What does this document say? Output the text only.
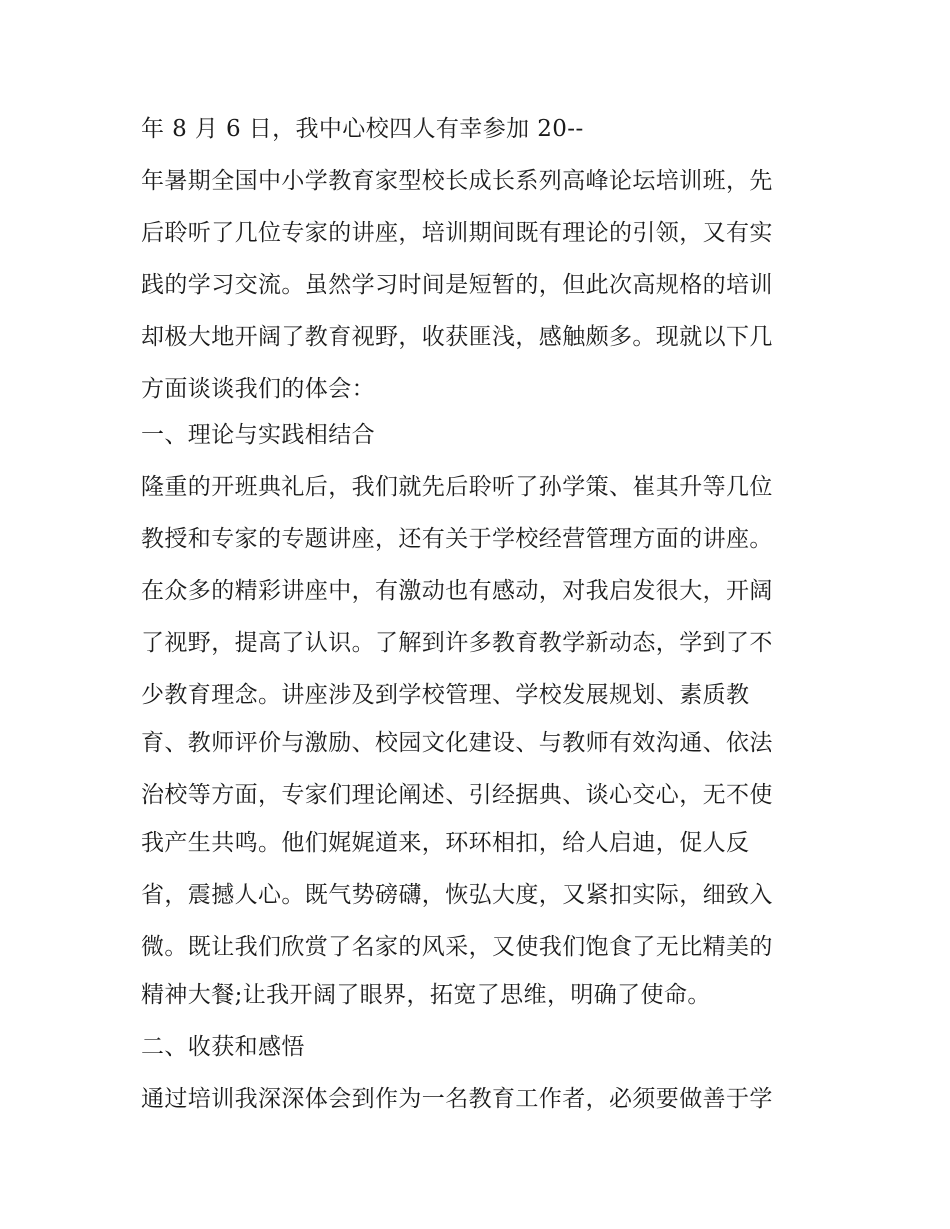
年 8 月 6 日，我中心校四人有幸参加 20--
年暑期全国中小学教育家型校长成长系列高峰论坛培训班，先
后聆听了几位专家的讲座，培训期间既有理论的引领，又有实
践的学习交流。虽然学习时间是短暂的，但此次高规格的培训
却极大地开阔了教育视野，收获匪浅，感触颇多。现就以下几
方面谈谈我们的体会：
一、理论与实践相结合
隆重的开班典礼后，我们就先后聆听了孙学策、崔其升等几位
教授和专家的专题讲座，还有关于学校经营管理方面的讲座。
在众多的精彩讲座中，有激动也有感动，对我启发很大，开阔
了视野，提高了认识。了解到许多教育教学新动态，学到了不
少教育理念。讲座涉及到学校管理、学校发展规划、素质教
育、教师评价与激励、校园文化建设、与教师有效沟通、依法
治校等方面，专家们理论阐述、引经据典、谈心交心，无不使
我产生共鸣。他们娓娓道来，环环相扣，给人启迪，促人反
省，震撼人心。既气势磅礴，恢弘大度，又紧扣实际，细致入
微。既让我们欣赏了名家的风采，又使我们饱食了无比精美的
精神大餐;让我开阔了眼界，拓宽了思维，明确了使命。
二、收获和感悟
通过培训我深深体会到作为一名教育工作者，必须要做善于学
